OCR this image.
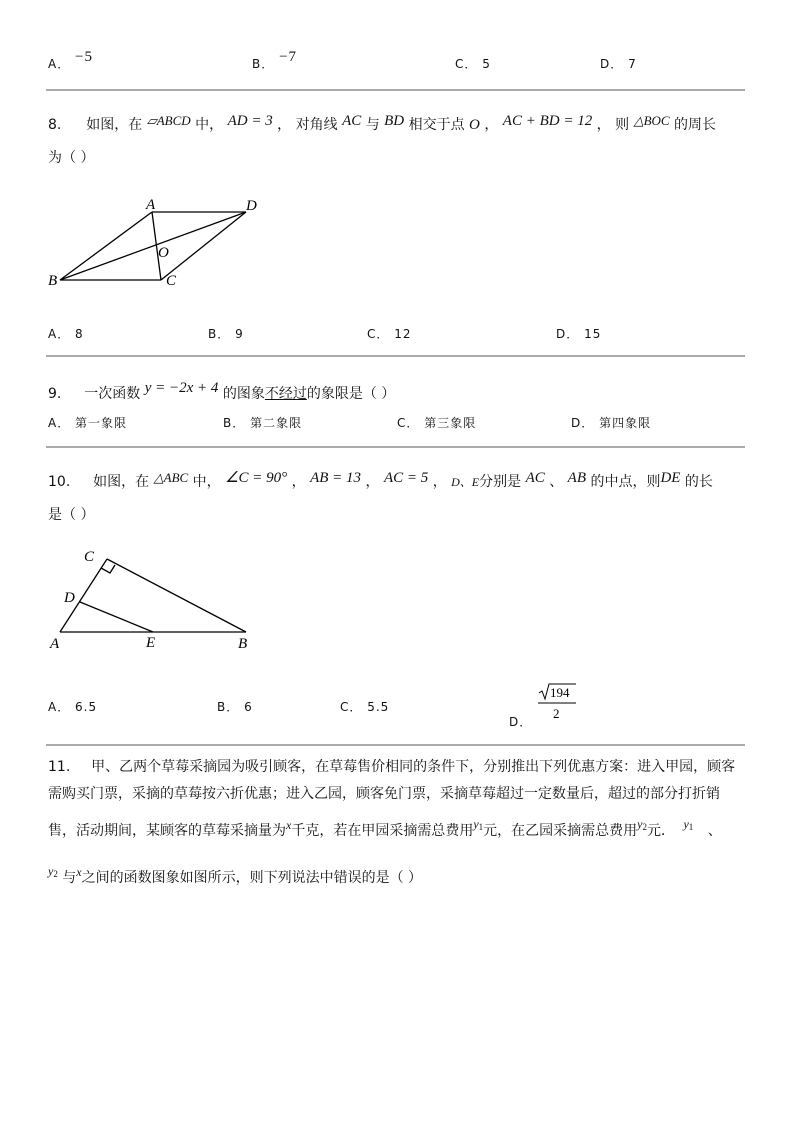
A． −5	B． −7	C． 5	D． 7
8. 如图，在 ▱ABCD 中， AD = 3 ， 对角线 AC 与 BD 相交于点 O ， AC + BD = 12 ， 则 △BOC 的周长
为（ ）
A	D
B	C
O
A． 8	B． 9	C． 12	D． 15
9. 一次函数 y = −2x + 4 的图象不经过的象限是（ ）
A． 第一象限	B． 第二象限	C． 第三象限	D． 第四象限
10. 如图，在 △ABC 中， ∠C = 90° ， AB = 13 ， AC = 5 ， D、E分别是 AC 、 AB 的中点，则DE 的长
是（ ）
C
D
A	E	B
A． 6.5	B． 6	C． 5.5
D．
194
2
11. 甲、乙两个草莓采摘园为吸引顾客，在草莓售价相同的条件下，分别推出下列优惠方案：进入甲园，顾客
需购买门票，采摘的草莓按六折优惠；进入乙园，顾客免门票，采摘草莓超过一定数量后，超过的部分打折销
售，活动期间，某顾客的草莓采摘量为x千克，若在甲园采摘需总费用$y^1$元，在乙园采摘需总费用$y^2$元． $y^1$ 、
$y^2$ 与x之间的函数图象如图所示，则下列说法中错误的是（ ）
